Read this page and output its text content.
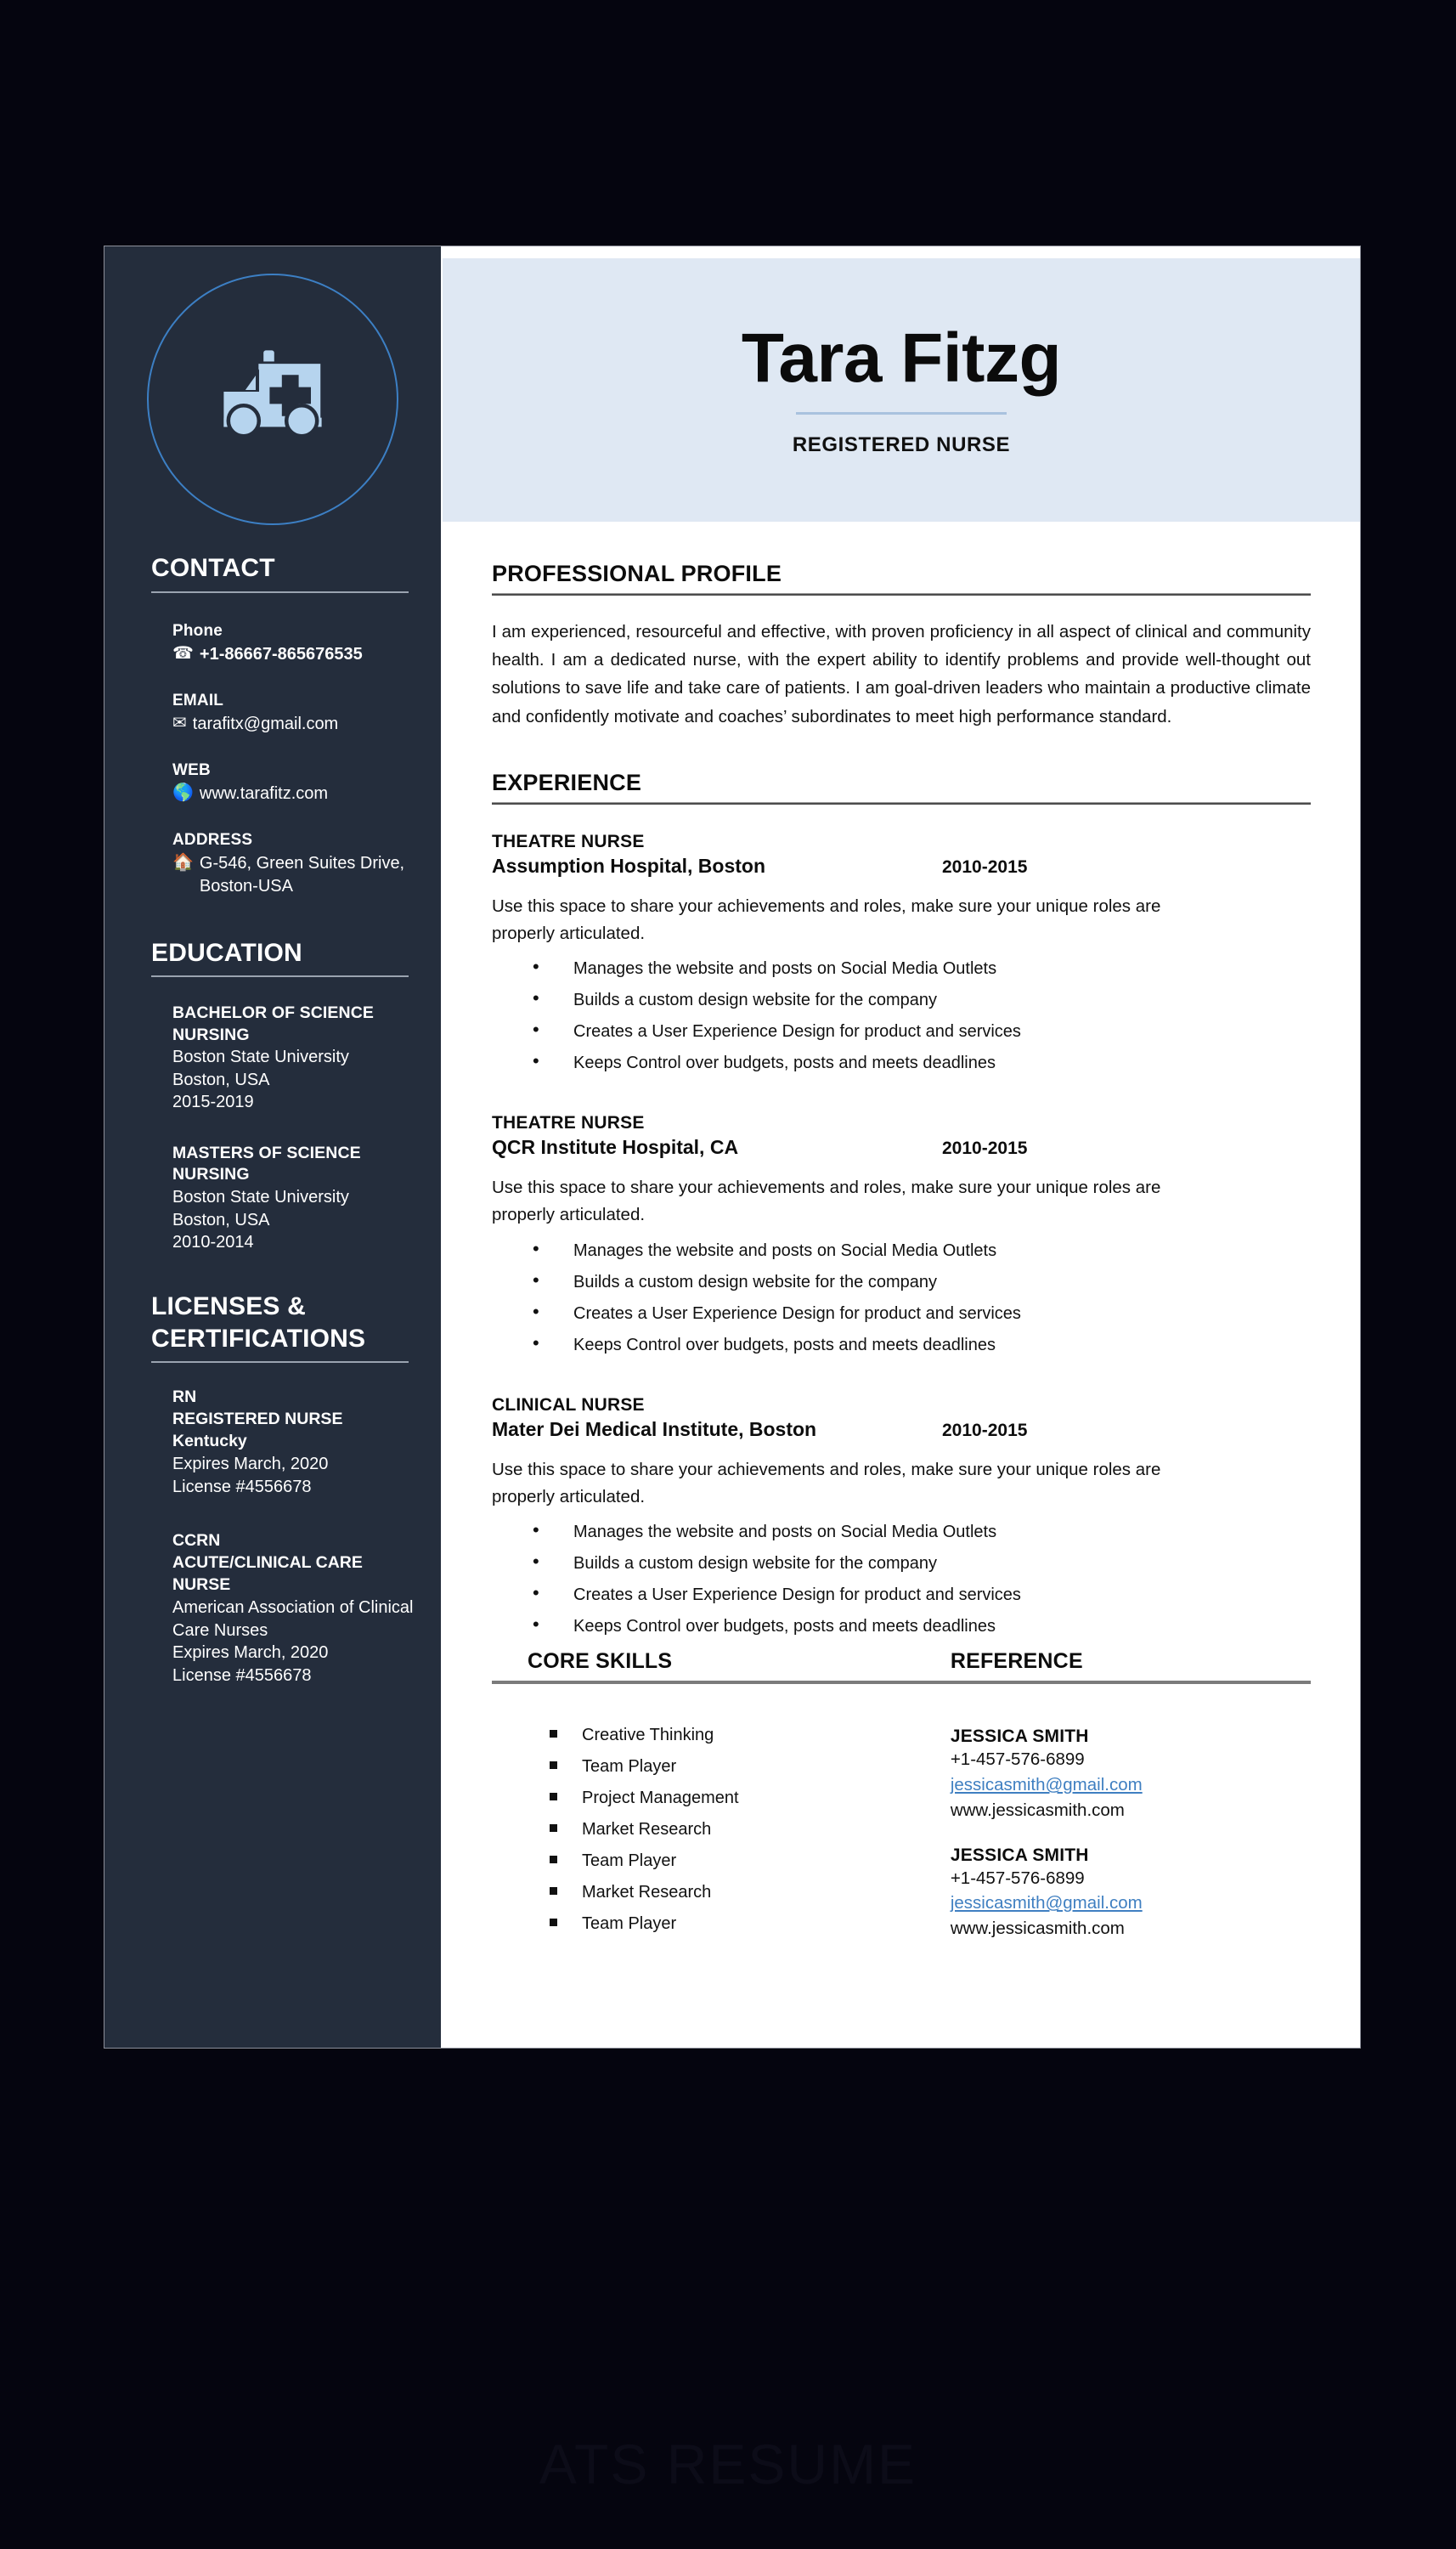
ATS RESUME
CONTACT
Phone
☎ +1-86667-865676535
EMAIL
✉ tarafitx@gmail.com
WEB
🌎 www.tarafitz.com
ADDRESS
🏠 G-546, Green Suites Drive, Boston-USA
EDUCATION
BACHELOR OF SCIENCE
NURSING
Boston State University
Boston, USA
2015-2019
MASTERS OF SCIENCE
NURSING
Boston State University
Boston, USA
2010-2014
LICENSES &
CERTIFICATIONS
RN
REGISTERED NURSE
Kentucky
Expires March, 2020
License #4556678
CCRN
ACUTE/CLINICAL CARE NURSE
American Association of Clinical Care Nurses
Expires March, 2020
License #4556678
Tara Fitzg
REGISTERED NURSE
PROFESSIONAL PROFILE

I am experienced, resourceful and effective, with proven proficiency in all aspect of clinical and community health. I am a dedicated nurse, with the expert ability to identify problems and provide well-thought out solutions to save life and take care of patients. I am goal-driven leaders who maintain a productive climate and confidently motivate and coaches’ subordinates to meet high performance standard.

EXPERIENCE
THEATRE NURSE
Assumption Hospital, Boston	2010-2015

Use this space to share your achievements and roles, make sure your unique roles are properly articulated.

• Manages the website and posts on Social Media Outlets
• Builds a custom design website for the company
• Creates a User Experience Design for product and services
• Keeps Control over budgets, posts and meets deadlines
THEATRE NURSE
QCR Institute Hospital, CA	2010-2015

Use this space to share your achievements and roles, make sure your unique roles are properly articulated.

• Manages the website and posts on Social Media Outlets
• Builds a custom design website for the company
• Creates a User Experience Design for product and services
• Keeps Control over budgets, posts and meets deadlines
CLINICAL NURSE
Mater Dei Medical Institute, Boston	2010-2015

Use this space to share your achievements and roles, make sure your unique roles are properly articulated.

• Manages the website and posts on Social Media Outlets
• Builds a custom design website for the company
• Creates a User Experience Design for product and services
• Keeps Control over budgets, posts and meets deadlines
CORE SKILLS	REFERENCE
Creative Thinking
Team Player
Project Management
Market Research
Team Player
Market Research
Team Player
JESSICA SMITH
+1-457-576-6899
jessicasmith@gmail.com
www.jessicasmith.com
JESSICA SMITH
+1-457-576-6899
jessicasmith@gmail.com
www.jessicasmith.com
